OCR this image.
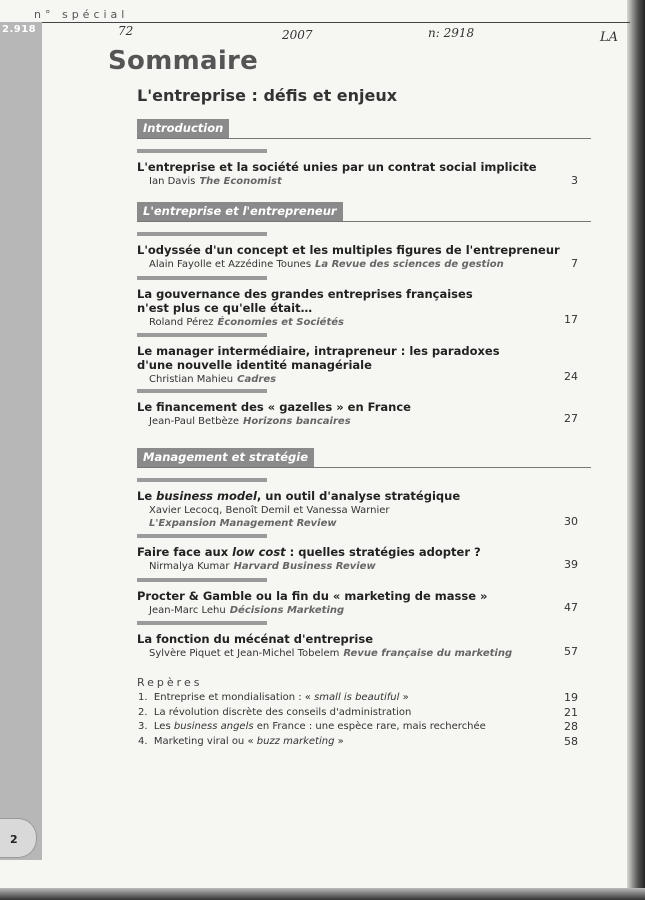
n° spécial
2.918
2
72	2007	n: 2918	LA
Sommaire
L'entreprise : défis et enjeux
Introduction
L'entreprise et la société unies par un contrat social implicite
Ian Davis The Economist	3
L'entreprise et l'entrepreneur
L'odyssée d'un concept et les multiples figures de l'entrepreneur
Alain Fayolle et Azzédine Tounes La Revue des sciences de gestion	7
La gouvernance des grandes entreprises françaises
n'est plus ce qu'elle était…
Roland Pérez Économies et Sociétés	17
Le manager intermédiaire, intrapreneur : les paradoxes
d'une nouvelle identité managériale
Christian Mahieu Cadres	24
Le financement des « gazelles » en France
Jean-Paul Betbèze Horizons bancaires	27
Management et stratégie
Le business model, un outil d'analyse stratégique
Xavier Lecocq, Benoît Demil et Vanessa Warnier
L'Expansion Management Review	30
Faire face aux low cost : quelles stratégies adopter ?
Nirmalya Kumar Harvard Business Review	39
Procter & Gamble ou la fin du « marketing de masse »
Jean-Marc Lehu Décisions Marketing	47
La fonction du mécénat d'entreprise
Sylvère Piquet et Jean-Michel Tobelem Revue française du marketing	57
Repères
1. Entreprise et mondialisation : « small is beautiful »	19
2. La révolution discrète des conseils d'administration	21
3. Les business angels en France : une espèce rare, mais recherchée	28
4. Marketing viral ou « buzz marketing »	58
